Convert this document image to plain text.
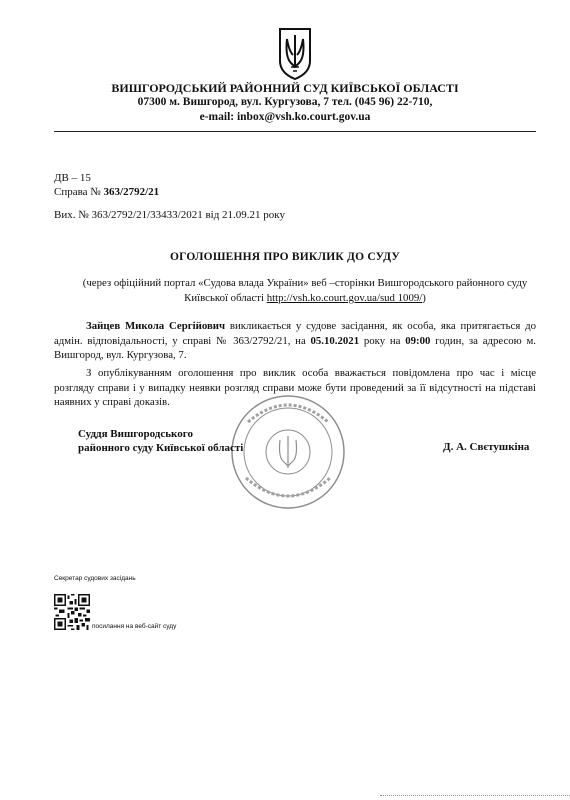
ВИШГОРОДСЬКИЙ РАЙОННИЙ СУД КИЇВСЬКОЇ ОБЛАСТІ
07300 м. Вишгород, вул. Кургузова, 7 тел. (045 96) 22-710,
e-mail: inbox@vsh.ko.court.gov.ua
ДВ – 15
Справа № 363/2792/21
Вих. № 363/2792/21/33433/2021 від 21.09.21 року
ОГОЛОШЕННЯ ПРО ВИКЛИК ДО СУДУ
(через офіційний портал «Судова влада України» веб –сторінки Вишгородського районного суду Київської області http://vsh.ko.court.gov.ua/sud 1009/)
Зайцев Микола Сергійович викликається у судове засідання, як особа, яка притягається до адмін. відповідальності, у справі № 363/2792/21, на 05.10.2021 року на 09:00 годин, за адресою м. Вишгород, вул. Кургузова, 7.
З опублікуванням оголошення про виклик особа вважається повідомлена про час і місце розгляду справи і у випадку неявки розгляд справи може бути проведений за її відсутності на підставі наявних у справі доказів.
Суддя Вишгородського
районного суду Київської області	Д. А. Свєтушкіна
Секретар судових засідань
посилання на веб-сайт суду
